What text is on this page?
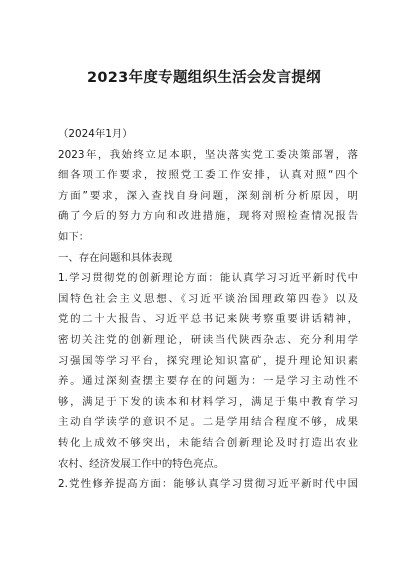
2023年度专题组织生活会发言提纲
（2024年1月）
2023年，我始终立足本职，坚决落实党工委决策部署，落
细各项工作要求，按照党工委工作安排，认真对照“四个
方面”要求，深入查找自身问题，深刻剖析分析原因，明
确了今后的努力方向和改进措施，现将对照检查情况报告
如下：
一、存在问题和具体表现
1.学习贯彻党的创新理论方面：能认真学习习近平新时代中
国特色社会主义思想、《习近平谈治国理政第四卷》以及
党的二十大报告、习近平总书记来陕考察重要讲话精神，
密切关注党的创新理论，研读当代陕西杂志、充分利用学
习强国等学习平台，探究理论知识富矿，提升理论知识素
养。通过深刻查摆主要存在的问题为：一是学习主动性不
够，满足于下发的读本和材料学习，满足于集中教育学习
主动自学读学的意识不足。二是学用结合程度不够，成果
转化上成效不够突出，未能结合创新理论及时打造出农业
农村、经济发展工作中的特色亮点。
2.党性修养提高方面：能够认真学习贯彻习近平新时代中国
